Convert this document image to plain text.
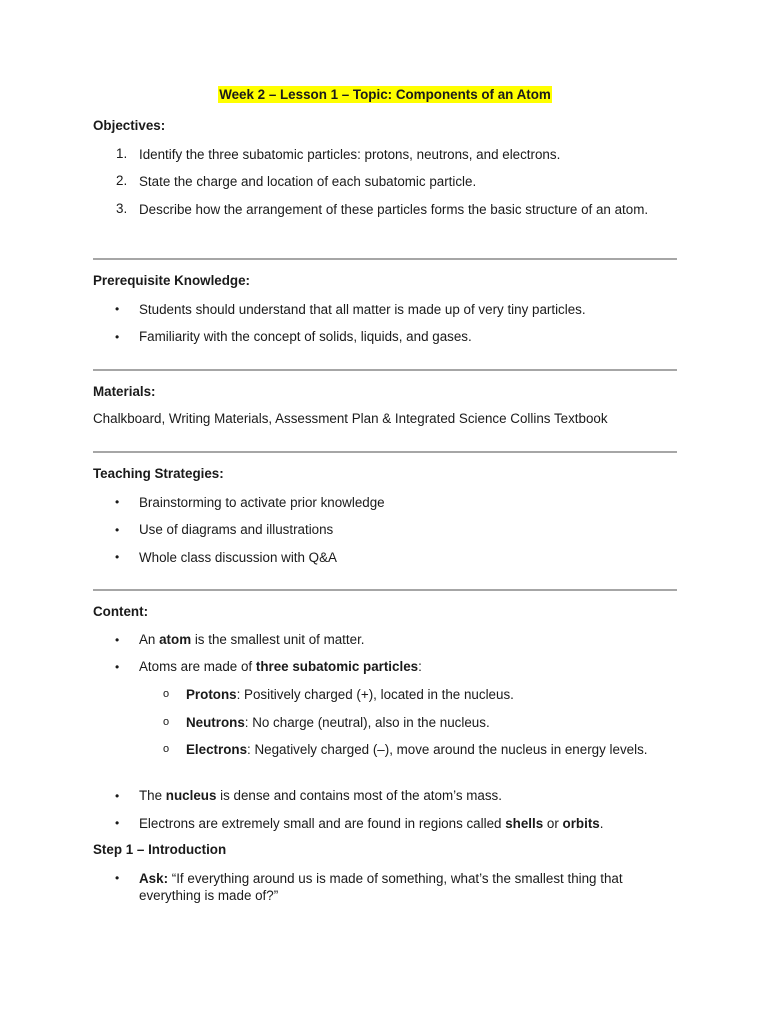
Week 2 – Lesson 1 – Topic: Components of an Atom
Objectives:
1. Identify the three subatomic particles: protons, neutrons, and electrons.
2. State the charge and location of each subatomic particle.
3. Describe how the arrangement of these particles forms the basic structure of an atom.
Prerequisite Knowledge:
• Students should understand that all matter is made up of very tiny particles.
• Familiarity with the concept of solids, liquids, and gases.
Materials:
Chalkboard, Writing Materials, Assessment Plan & Integrated Science Collins Textbook
Teaching Strategies:
• Brainstorming to activate prior knowledge
• Use of diagrams and illustrations
• Whole class discussion with Q&A
Content:
• An atom is the smallest unit of matter.
• Atoms are made of three subatomic particles:
o Protons: Positively charged (+), located in the nucleus.
o Neutrons: No charge (neutral), also in the nucleus.
o Electrons: Negatively charged (–), move around the nucleus in energy levels.
• The nucleus is dense and contains most of the atom’s mass.
• Electrons are extremely small and are found in regions called shells or orbits.
Step 1 – Introduction
• Ask: “If everything around us is made of something, what’s the smallest thing that everything is made of?”
